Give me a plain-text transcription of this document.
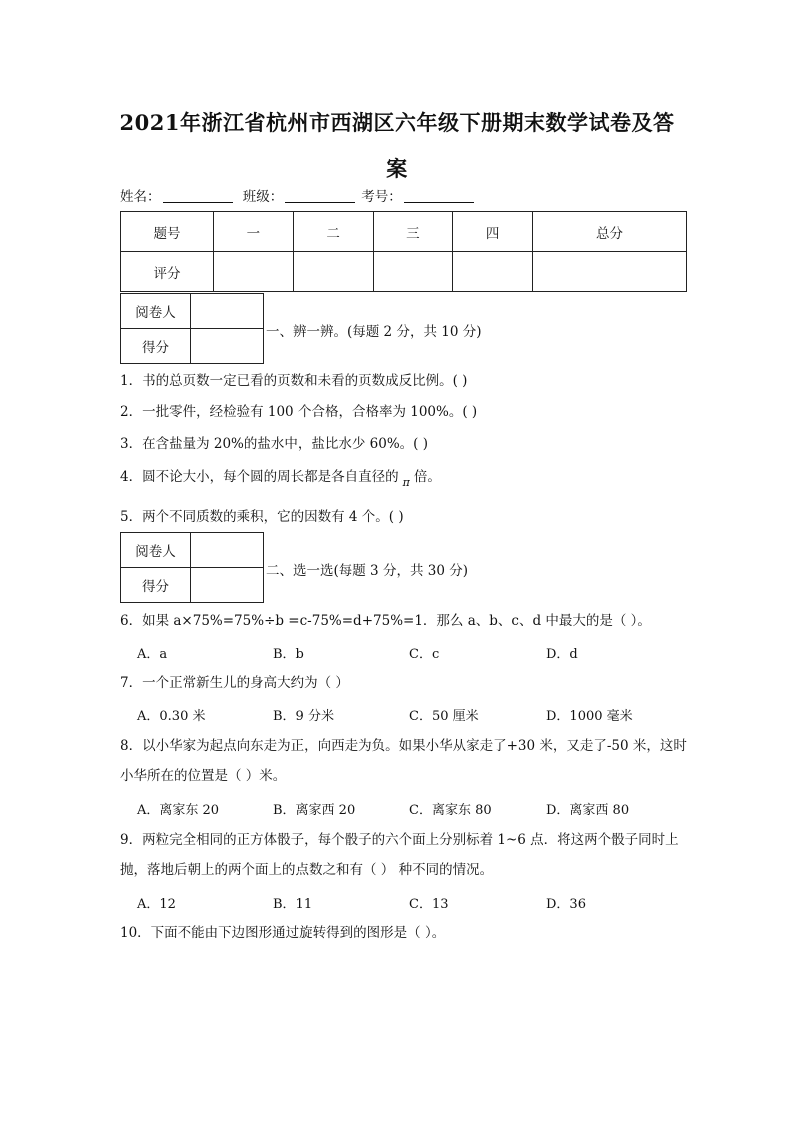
2021年浙江省杭州市西湖区六年级下册期末数学试卷及答
案
姓名：	班级：	考号：
题号	一	二	三	四	总分
评分					
阅卷人	
得分	
一、辨一辨。(每题 2 分，共 10 分)
1．书的总页数一定已看的页数和未看的页数成反比例。( )
2．一批零件，经检验有 100 个合格，合格率为 100%。( )
3．在含盐量为 20%的盐水中，盐比水少 60%。( )
4．圆不论大小，每个圆的周长都是各自直径的 $_\pi$ 倍。
5．两个不同质数的乘积，它的因数有 4 个。( )
阅卷人	
得分	
二、选一选(每题 3 分，共 30 分)
6．如果 a×75%=75%÷b =c-75%=d+75%=1．那么 a、b、c、d 中最大的是（ ）。
A．a	B．b	C．c	D．d
7．一个正常新生儿的身高大约为（ ）
A．0.30 米	B．9 分米	C．50 厘米	D．1000 毫米
8．以小华家为起点向东走为正，向西走为负。如果小华从家走了+30 米，又走了-50 米，这时小华所在的位置是（ ）米。
A．离家东 20	B．离家西 20	C．离家东 80	D．离家西 80
9．两粒完全相同的正方体骰子，每个骰子的六个面上分别标着 1~6 点．将这两个骰子同时上抛，落地后朝上的两个面上的点数之和有（ ） 种不同的情况。
A．12	B．11	C．13	D．36
10．下面不能由下边图形通过旋转得到的图形是（ ）。
